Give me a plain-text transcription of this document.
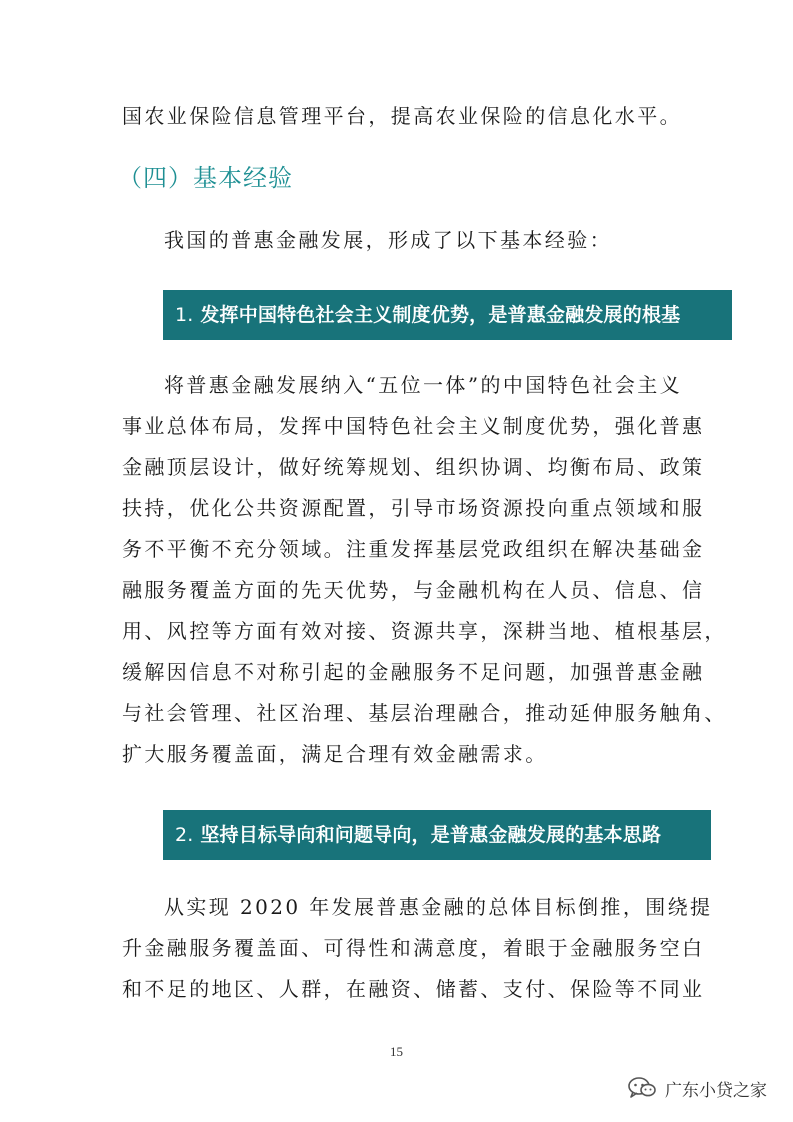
国农业保险信息管理平台，提高农业保险的信息化水平。

（四）基本经验

我国的普惠金融发展，形成了以下基本经验：

1. 发挥中国特色社会主义制度优势，是普惠金融发展的根基

将普惠金融发展纳入“五位一体”的中国特色社会主义
事业总体布局，发挥中国特色社会主义制度优势，强化普惠
金融顶层设计，做好统筹规划、组织协调、均衡布局、政策
扶持，优化公共资源配置，引导市场资源投向重点领域和服
务不平衡不充分领域。注重发挥基层党政组织在解决基础金
融服务覆盖方面的先天优势，与金融机构在人员、信息、信
用、风控等方面有效对接、资源共享，深耕当地、植根基层，
缓解因信息不对称引起的金融服务不足问题，加强普惠金融
与社会管理、社区治理、基层治理融合，推动延伸服务触角、
扩大服务覆盖面，满足合理有效金融需求。

2. 坚持目标导向和问题导向，是普惠金融发展的基本思路

从实现 2020 年发展普惠金融的总体目标倒推，围绕提
升金融服务覆盖面、可得性和满意度，着眼于金融服务空白
和不足的地区、人群，在融资、储蓄、支付、保险等不同业

15
广东小贷之家
